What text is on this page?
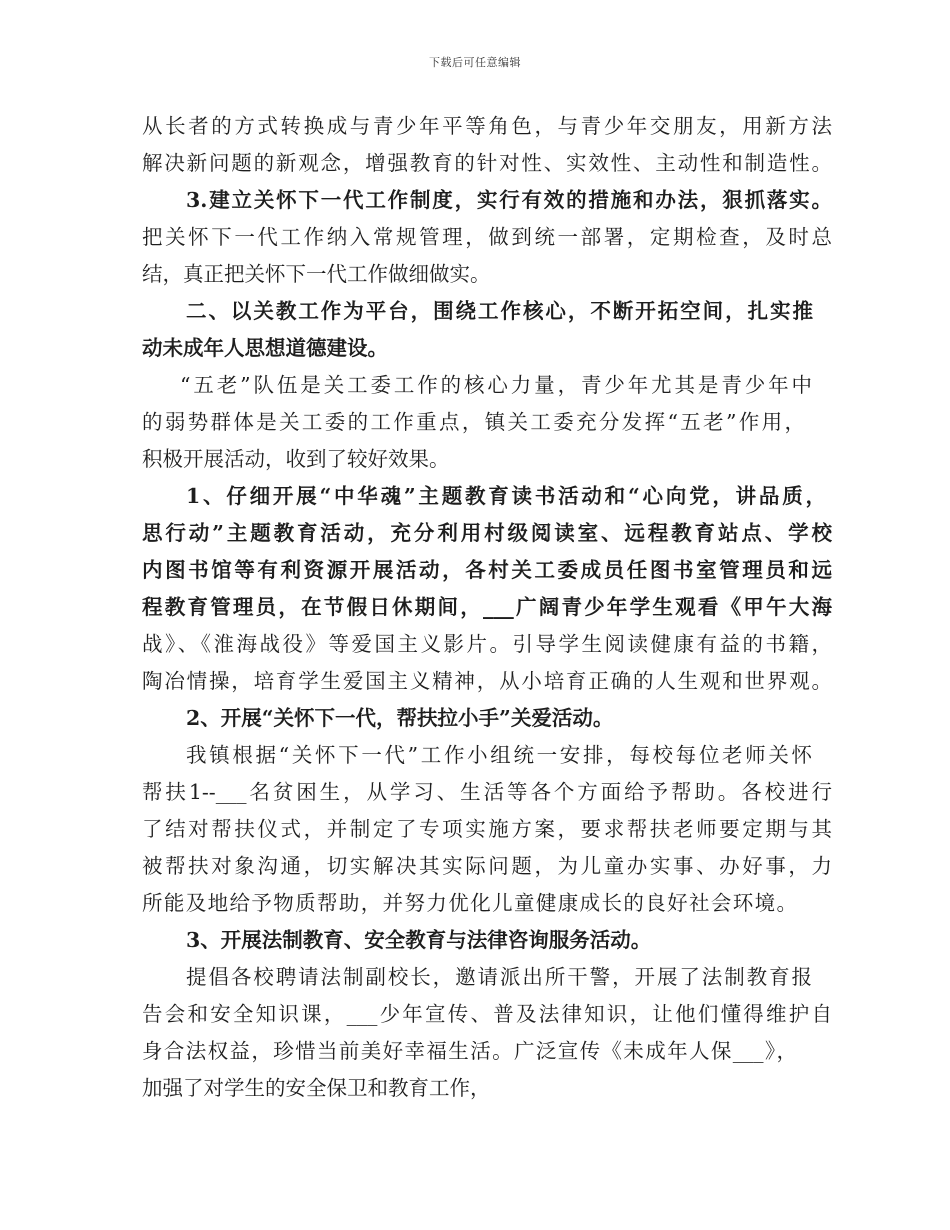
下载后可任意编辑
从长者的方式转换成与青少年平等角色，与青少年交朋友，用新方法
解决新问题的新观念，增强教育的针对性、实效性、主动性和制造性。
3.建立关怀下一代工作制度，实行有效的措施和办法，狠抓落实。
把关怀下一代工作纳入常规管理，做到统一部署，定期检查，及时总
结，真正把关怀下一代工作做细做实。
二、以关教工作为平台，围绕工作核心，不断开拓空间，扎实推
动未成年人思想道德建设。
“五老”队伍是关工委工作的核心力量，青少年尤其是青少年中
的弱势群体是关工委的工作重点，镇关工委充分发挥“五老”作用，
积极开展活动，收到了较好效果。
1、仔细开展“中华魂”主题教育读书活动和“心向党，讲品质，
思行动”主题教育活动，充分利用村级阅读室、远程教育站点、学校
内图书馆等有利资源开展活动，各村关工委成员任图书室管理员和远
程教育管理员，在节假日休期间，___广阔青少年学生观看《甲午大海
战》、《淮海战役》等爱国主义影片。引导学生阅读健康有益的书籍，
陶冶情操，培育学生爱国主义精神，从小培育正确的人生观和世界观。
2、开展“关怀下一代，帮扶拉小手”关爱活动。
我镇根据“关怀下一代”工作小组统一安排，每校每位老师关怀
帮扶1--___名贫困生，从学习、生活等各个方面给予帮助。各校进行
了结对帮扶仪式，并制定了专项实施方案，要求帮扶老师要定期与其
被帮扶对象沟通，切实解决其实际问题，为儿童办实事、办好事，力
所能及地给予物质帮助，并努力优化儿童健康成长的良好社会环境。
3、开展法制教育、安全教育与法律咨询服务活动。
提倡各校聘请法制副校长，邀请派出所干警，开展了法制教育报
告会和安全知识课，___少年宣传、普及法律知识，让他们懂得维护自
身合法权益，珍惜当前美好幸福生活。广泛宣传《未成年人保___》，
加强了对学生的安全保卫和教育工作，
